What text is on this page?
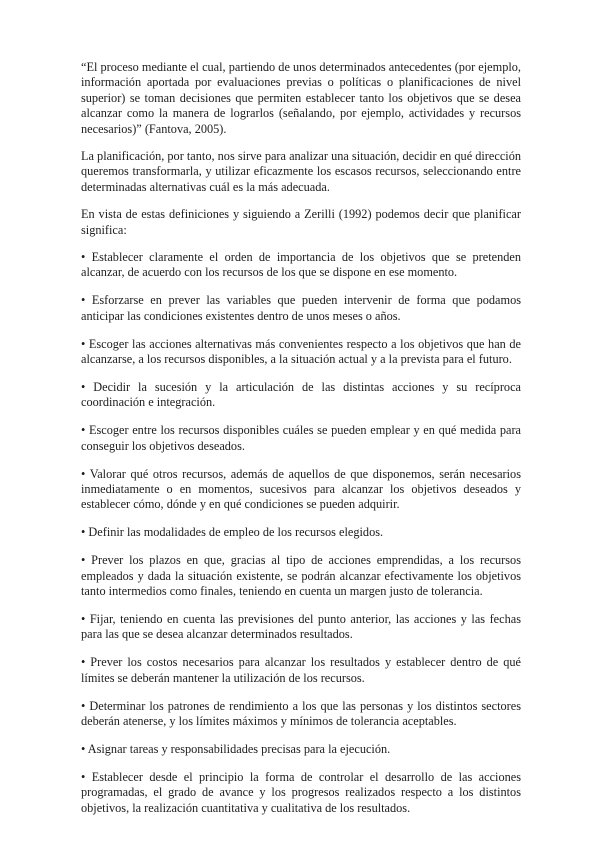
“El proceso mediante el cual, partiendo de unos determinados antecedentes (por ejemplo, información aportada por evaluaciones previas o políticas o planificaciones de nivel superior) se toman decisiones que permiten establecer tanto los objetivos que se desea alcanzar como la manera de lograrlos (señalando, por ejemplo, actividades y recursos necesarios)” (Fantova, 2005).

La planificación, por tanto, nos sirve para analizar una situación, decidir en qué dirección queremos transformarla, y utilizar eficazmente los escasos recursos, seleccionando entre determinadas alternativas cuál es la más adecuada.

En vista de estas definiciones y siguiendo a Zerilli (1992) podemos decir que planificar significa:

• Establecer claramente el orden de importancia de los objetivos que se pretenden alcanzar, de acuerdo con los recursos de los que se dispone en ese momento.

• Esforzarse en prever las variables que pueden intervenir de forma que podamos anticipar las condiciones existentes dentro de unos meses o años.

• Escoger las acciones alternativas más convenientes respecto a los objetivos que han de alcanzarse, a los recursos disponibles, a la situación actual y a la prevista para el futuro.

• Decidir la sucesión y la articulación de las distintas acciones y su recíproca coordinación e integración.

• Escoger entre los recursos disponibles cuáles se pueden emplear y en qué medida para conseguir los objetivos deseados.

• Valorar qué otros recursos, además de aquellos de que disponemos, serán necesarios inmediatamente o en momentos, sucesivos para alcanzar los objetivos deseados y establecer cómo, dónde y en qué condiciones se pueden adquirir.

• Definir las modalidades de empleo de los recursos elegidos.

• Prever los plazos en que, gracias al tipo de acciones emprendidas, a los recursos empleados y dada la situación existente, se podrán alcanzar efectivamente los objetivos tanto intermedios como finales, teniendo en cuenta un margen justo de tolerancia.

• Fijar, teniendo en cuenta las previsiones del punto anterior, las acciones y las fechas para las que se desea alcanzar determinados resultados.

• Prever los costos necesarios para alcanzar los resultados y establecer dentro de qué límites se deberán mantener la utilización de los recursos.

• Determinar los patrones de rendimiento a los que las personas y los distintos sectores deberán atenerse, y los límites máximos y mínimos de tolerancia aceptables.

• Asignar tareas y responsabilidades precisas para la ejecución.

• Establecer desde el principio la forma de controlar el desarrollo de las acciones programadas, el grado de avance y los progresos realizados respecto a los distintos objetivos, la realización cuantitativa y cualitativa de los resultados.
